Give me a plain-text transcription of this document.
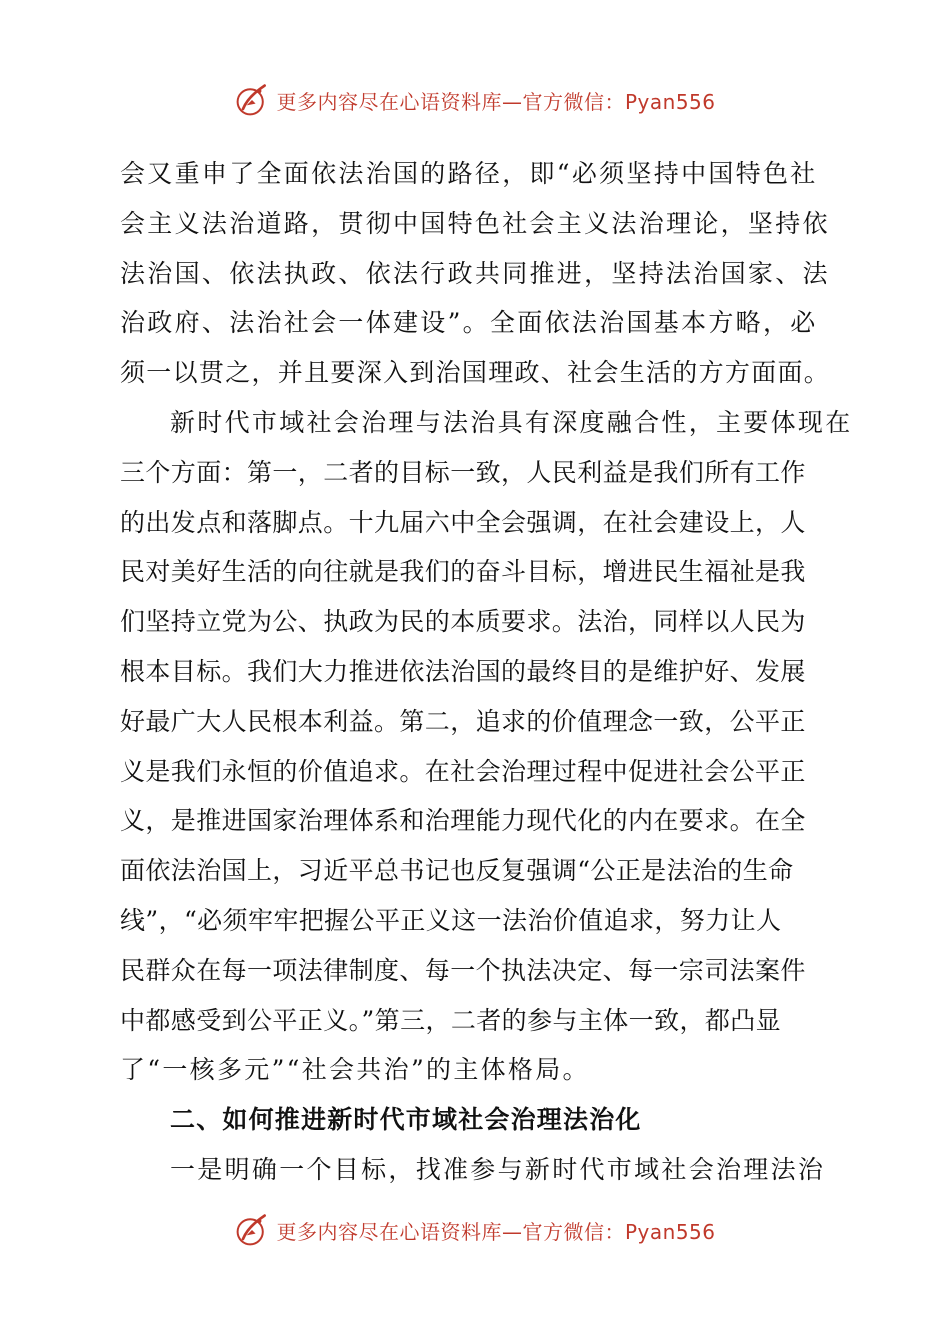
更多内容尽在心语资料库—官方微信：Pyan556
会又重申了全面依法治国的路径，即“必须坚持中国特色社
会主义法治道路，贯彻中国特色社会主义法治理论，坚持依
法治国、依法执政、依法行政共同推进，坚持法治国家、法
治政府、法治社会一体建设”。全面依法治国基本方略，必
须一以贯之，并且要深入到治国理政、社会生活的方方面面。
新时代市域社会治理与法治具有深度融合性，主要体现在
三个方面：第一，二者的目标一致，人民利益是我们所有工作
的出发点和落脚点。十九届六中全会强调，在社会建设上，人
民对美好生活的向往就是我们的奋斗目标，增进民生福祉是我
们坚持立党为公、执政为民的本质要求。法治，同样以人民为
根本目标。我们大力推进依法治国的最终目的是维护好、发展
好最广大人民根本利益。第二，追求的价值理念一致，公平正
义是我们永恒的价值追求。在社会治理过程中促进社会公平正
义，是推进国家治理体系和治理能力现代化的内在要求。在全
面依法治国上，习近平总书记也反复强调“公正是法治的生命
线”，“必须牢牢把握公平正义这一法治价值追求，努力让人
民群众在每一项法律制度、每一个执法决定、每一宗司法案件
中都感受到公平正义。”第三，二者的参与主体一致，都凸显
了“一核多元”“社会共治”的主体格局。
二、如何推进新时代市域社会治理法治化
一是明确一个目标，找准参与新时代市域社会治理法治
更多内容尽在心语资料库—官方微信：Pyan556
